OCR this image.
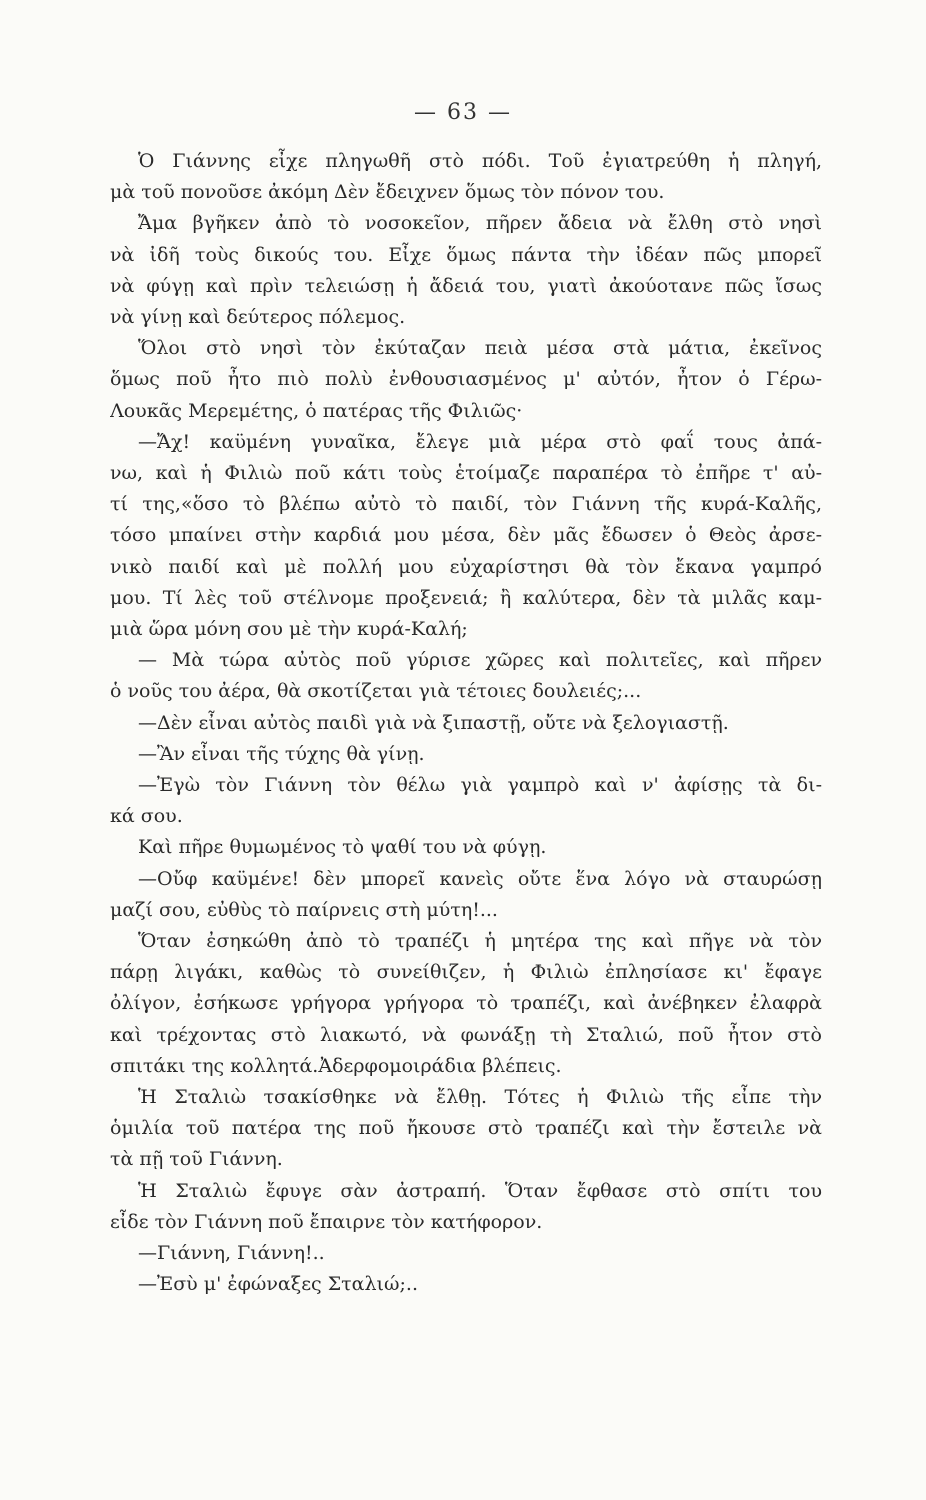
— 63 —
Ὁ Γιάννης εἶχε πληγωθῆ στὸ πόδι. Τοῦ ἐγιατρεύθη ἡ πληγή,
μὰ τοῦ πονοῦσε ἀκόμη Δὲν ἔδειχνεν ὅμως τὸν πόνον του.
Ἄμα βγῆκεν ἀπὸ τὸ νοσοκεῖον, πῆρεν ἄδεια νὰ ἔλθη στὸ νησὶ
νὰ ἰδῆ τοὺς δικούς του. Εἶχε ὅμως πάντα τὴν ἰδέαν πῶς μπορεῖ
νὰ φύγῃ καὶ πρὶν τελειώσῃ ἡ ἄδειά του, γιατὶ ἀκούοτανε πῶς ἴσως
νὰ γίνῃ καὶ δεύτερος πόλεμος.
Ὅλοι στὸ νησὶ τὸν ἐκύταζαν πειὰ μέσα στὰ μάτια, ἐκεῖνος
ὅμως ποῦ ἦτο πιὸ πολὺ ἐνθουσιασμένος μ' αὐτόν, ἦτον ὁ Γέρω-
Λουκᾶς Μερεμέτης, ὁ πατέρας τῆς Φιλιῶς·
—Ἄχ! καϋμένη γυναῖκα, ἔλεγε μιὰ μέρα στὸ φαΐ τους ἀπά-
νω, καὶ ἡ Φιλιὼ ποῦ κάτι τοὺς ἑτοίμαζε παραπέρα τὸ ἐπῆρε τ' αὐ-
τί της,«ὅσο τὸ βλέπω αὐτὸ τὸ παιδί, τὸν Γιάννη τῆς κυρά-Καλῆς,
τόσο μπαίνει στὴν καρδιά μου μέσα, δὲν μᾶς ἔδωσεν ὁ Θεὸς ἀρσε-
νικὸ παιδί καὶ μὲ πολλή μου εὐχαρίστησι θὰ τὸν ἔκανα γαμπρό
μου. Τί λὲς τοῦ στέλνομε προξενειά; ἢ καλύτερα, δὲν τὰ μιλᾶς καμ-
μιὰ ὥρα μόνη σου μὲ τὴν κυρά-Καλή;
— Μὰ τώρα αὐτὸς ποῦ γύρισε χῶρες καὶ πολιτεῖες, καὶ πῆρεν
ὁ νοῦς του ἀέρα, θὰ σκοτίζεται γιὰ τέτοιες δουλειές;...
—Δὲν εἶναι αὐτὸς παιδὶ γιὰ νὰ ξιπαστῇ, οὔτε νὰ ξελογιαστῇ.
—Ἂν εἶναι τῆς τύχης θὰ γίνῃ.
—Ἐγὼ τὸν Γιάννη τὸν θέλω γιὰ γαμπρὸ καὶ ν' ἀφίσῃς τὰ δι-
κά σου.
Καὶ πῆρε θυμωμένος τὸ ψαθί του νὰ φύγῃ.
—Οὔφ καϋμένε! δὲν μπορεῖ κανεὶς οὔτε ἕνα λόγο νὰ σταυρώσῃ
μαζί σου, εὐθὺς τὸ παίρνεις στὴ μύτη!...
Ὅταν ἐσηκώθη ἀπὸ τὸ τραπέζι ἡ μητέρα της καὶ πῆγε νὰ τὸν
πάρῃ λιγάκι, καθὼς τὸ συνείθιζεν, ἡ Φιλιὼ ἐπλησίασε κι' ἔφαγε
ὀλίγον, ἐσήκωσε γρήγορα γρήγορα τὸ τραπέζι, καὶ ἀνέβηκεν ἐλαφρὰ
καὶ τρέχοντας στὸ λιακωτό, νὰ φωνάξῃ τὴ Σταλιώ, ποῦ ἦτον στὸ
σπιτάκι της κολλητά.Ἀδερφομοιράδια βλέπεις.
Ἡ Σταλιὼ τσακίσθηκε νὰ ἔλθῃ. Τότες ἡ Φιλιὼ τῆς εἶπε τὴν
ὁμιλία τοῦ πατέρα της ποῦ ἤκουσε στὸ τραπέζι καὶ τὴν ἔστειλε νὰ
τὰ πῇ τοῦ Γιάννη.
Ἡ Σταλιὼ ἔφυγε σὰν ἀστραπή. Ὅταν ἔφθασε στὸ σπίτι του
εἶδε τὸν Γιάννη ποῦ ἔπαιρνε τὸν κατήφορον.
—Γιάννη, Γιάννη!..
—Ἐσὺ μ' ἐφώναξες Σταλιώ;..
